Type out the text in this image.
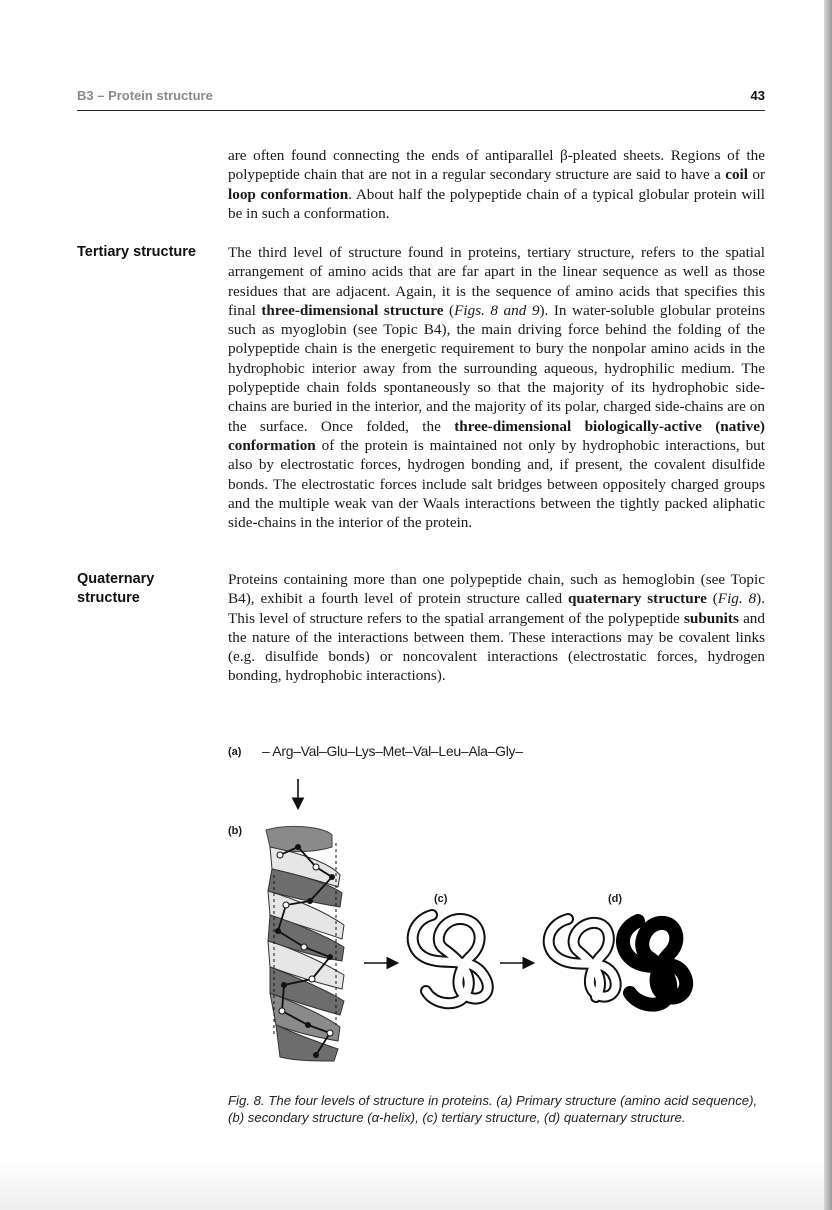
B3 – Protein structure	43
are often found connecting the ends of antiparallel β-pleated sheets. Regions of the polypeptide chain that are not in a regular secondary structure are said to have a coil or loop conformation. About half the polypeptide chain of a typical globular protein will be in such a conformation.
Tertiary structure	The third level of structure found in proteins, tertiary structure, refers to the spatial arrangement of amino acids that are far apart in the linear sequence as well as those residues that are adjacent. Again, it is the sequence of amino acids that specifies this final three-dimensional structure (Figs. 8 and 9). In water-soluble globular proteins such as myoglobin (see Topic B4), the main driving force behind the folding of the polypeptide chain is the energetic requirement to bury the nonpolar amino acids in the hydrophobic interior away from the surrounding aqueous, hydrophilic medium. The polypeptide chain folds spontaneously so that the majority of its hydrophobic side-chains are buried in the interior, and the majority of its polar, charged side-chains are on the surface. Once folded, the three-dimensional biologically-active (native) conformation of the protein is maintained not only by hydrophobic interactions, but also by electrostatic forces, hydrogen bonding and, if present, the covalent disulfide bonds. The electrostatic forces include salt bridges between oppositely charged groups and the multiple weak van der Waals interactions between the tightly packed aliphatic side-chains in the interior of the protein.
Quaternary
structure
Proteins containing more than one polypeptide chain, such as hemoglobin (see Topic B4), exhibit a fourth level of protein structure called quaternary structure (Fig. 8). This level of structure refers to the spatial arrangement of the polypeptide subunits and the nature of the interactions between them. These interactions may be covalent links (e.g. disulfide bonds) or noncovalent interactions (electrostatic forces, hydrogen bonding, hydrophobic interactions).
(a) – Arg–Val–Glu–Lys–Met–Val–Leu–Ala–Gly–
(b)
(c)	(d)
Fig. 8. The four levels of structure in proteins. (a) Primary structure (amino acid sequence), (b) secondary structure (α-helix), (c) tertiary structure, (d) quaternary structure.
